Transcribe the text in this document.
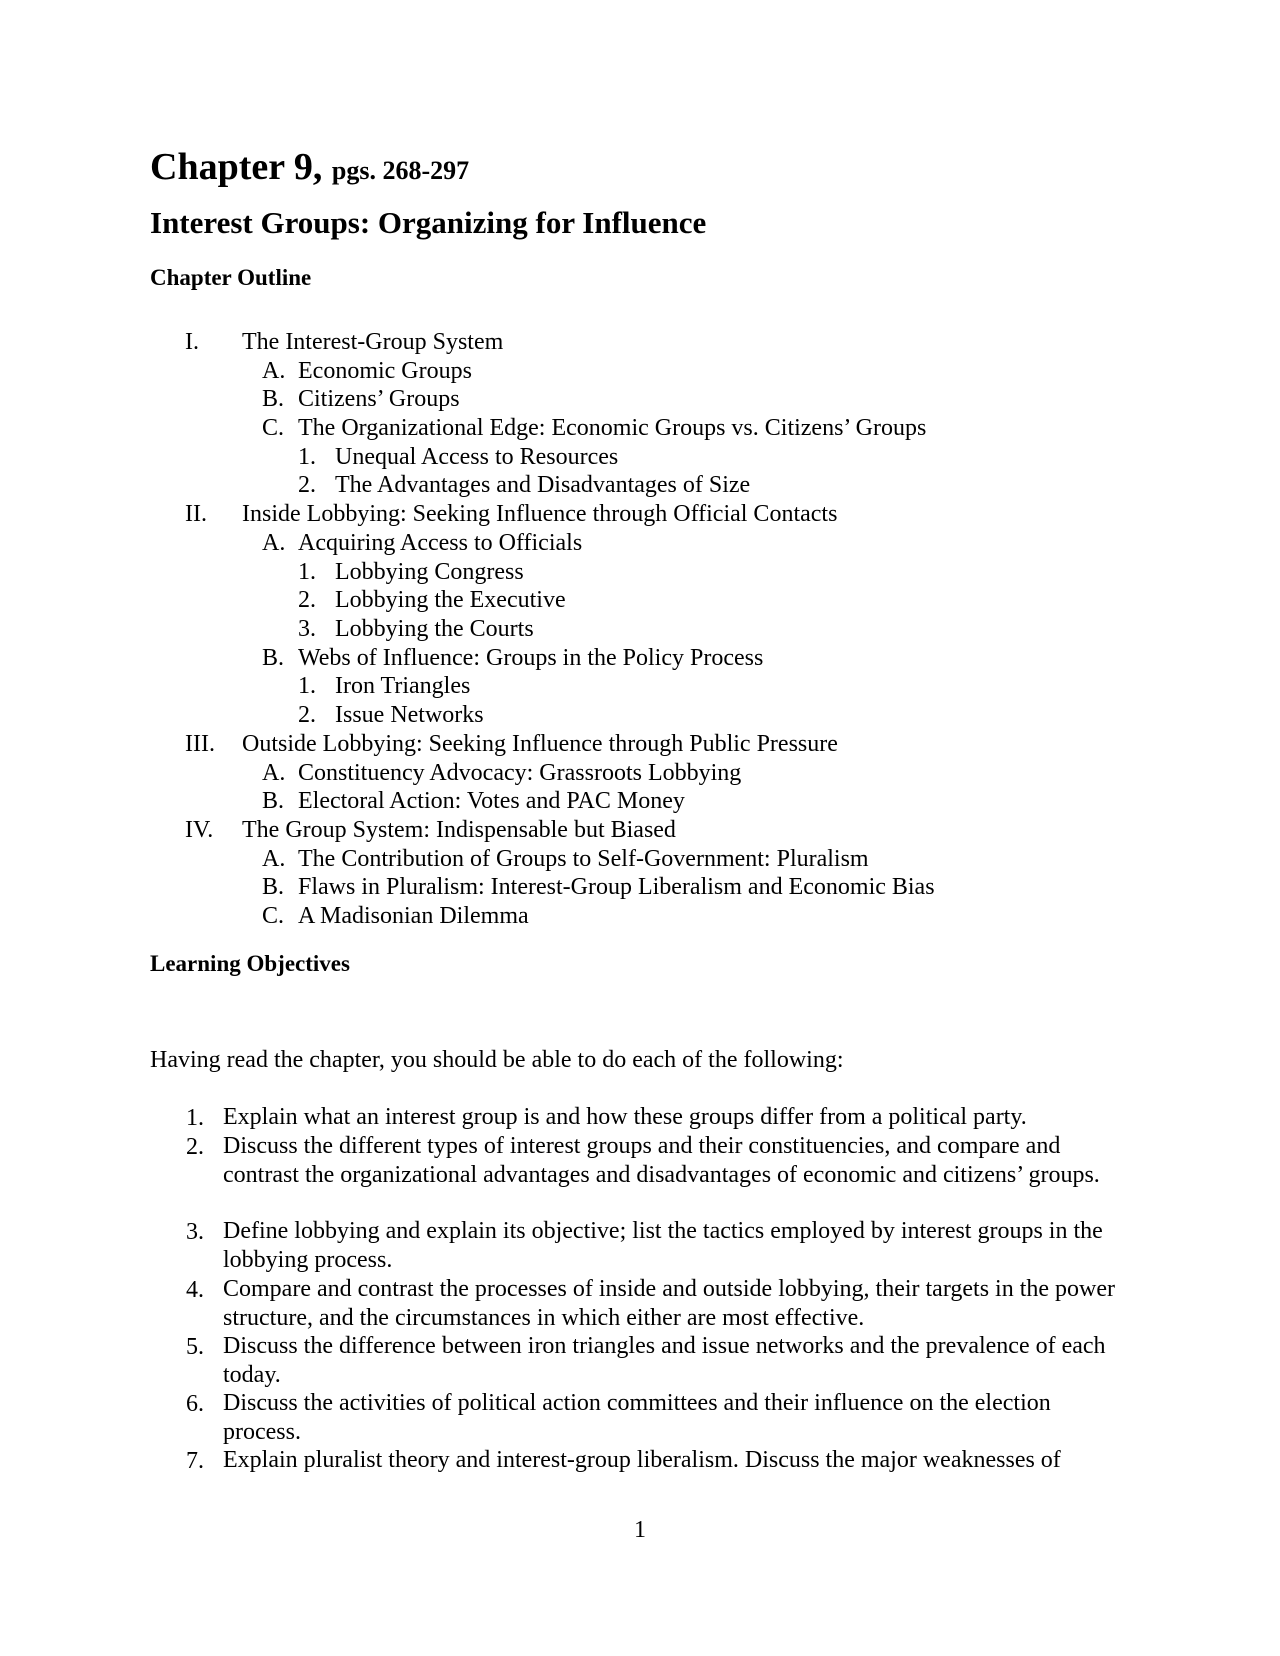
Chapter 9, pgs. 268-297
Interest Groups: Organizing for Influence
Chapter Outline
I. The Interest-Group System
A. Economic Groups
B. Citizens’ Groups
C. The Organizational Edge: Economic Groups vs. Citizens’ Groups
1. Unequal Access to Resources
2. The Advantages and Disadvantages of Size
II. Inside Lobbying: Seeking Influence through Official Contacts
A. Acquiring Access to Officials
1. Lobbying Congress
2. Lobbying the Executive
3. Lobbying the Courts
B. Webs of Influence: Groups in the Policy Process
1. Iron Triangles
2. Issue Networks
III. Outside Lobbying: Seeking Influence through Public Pressure
A. Constituency Advocacy: Grassroots Lobbying
B. Electoral Action: Votes and PAC Money
IV. The Group System: Indispensable but Biased
A. The Contribution of Groups to Self-Government: Pluralism
B. Flaws in Pluralism: Interest-Group Liberalism and Economic Bias
C. A Madisonian Dilemma
Learning Objectives
Having read the chapter, you should be able to do each of the following:
1. Explain what an interest group is and how these groups differ from a political party.
2. Discuss the different types of interest groups and their constituencies, and compare and contrast the organizational advantages and disadvantages of economic and citizens’ groups.
3. Define lobbying and explain its objective; list the tactics employed by interest groups in the lobbying process.
4. Compare and contrast the processes of inside and outside lobbying, their targets in the power structure, and the circumstances in which either are most effective.
5. Discuss the difference between iron triangles and issue networks and the prevalence of each today.
6. Discuss the activities of political action committees and their influence on the election process.
7. Explain pluralist theory and interest-group liberalism. Discuss the major weaknesses of
1
